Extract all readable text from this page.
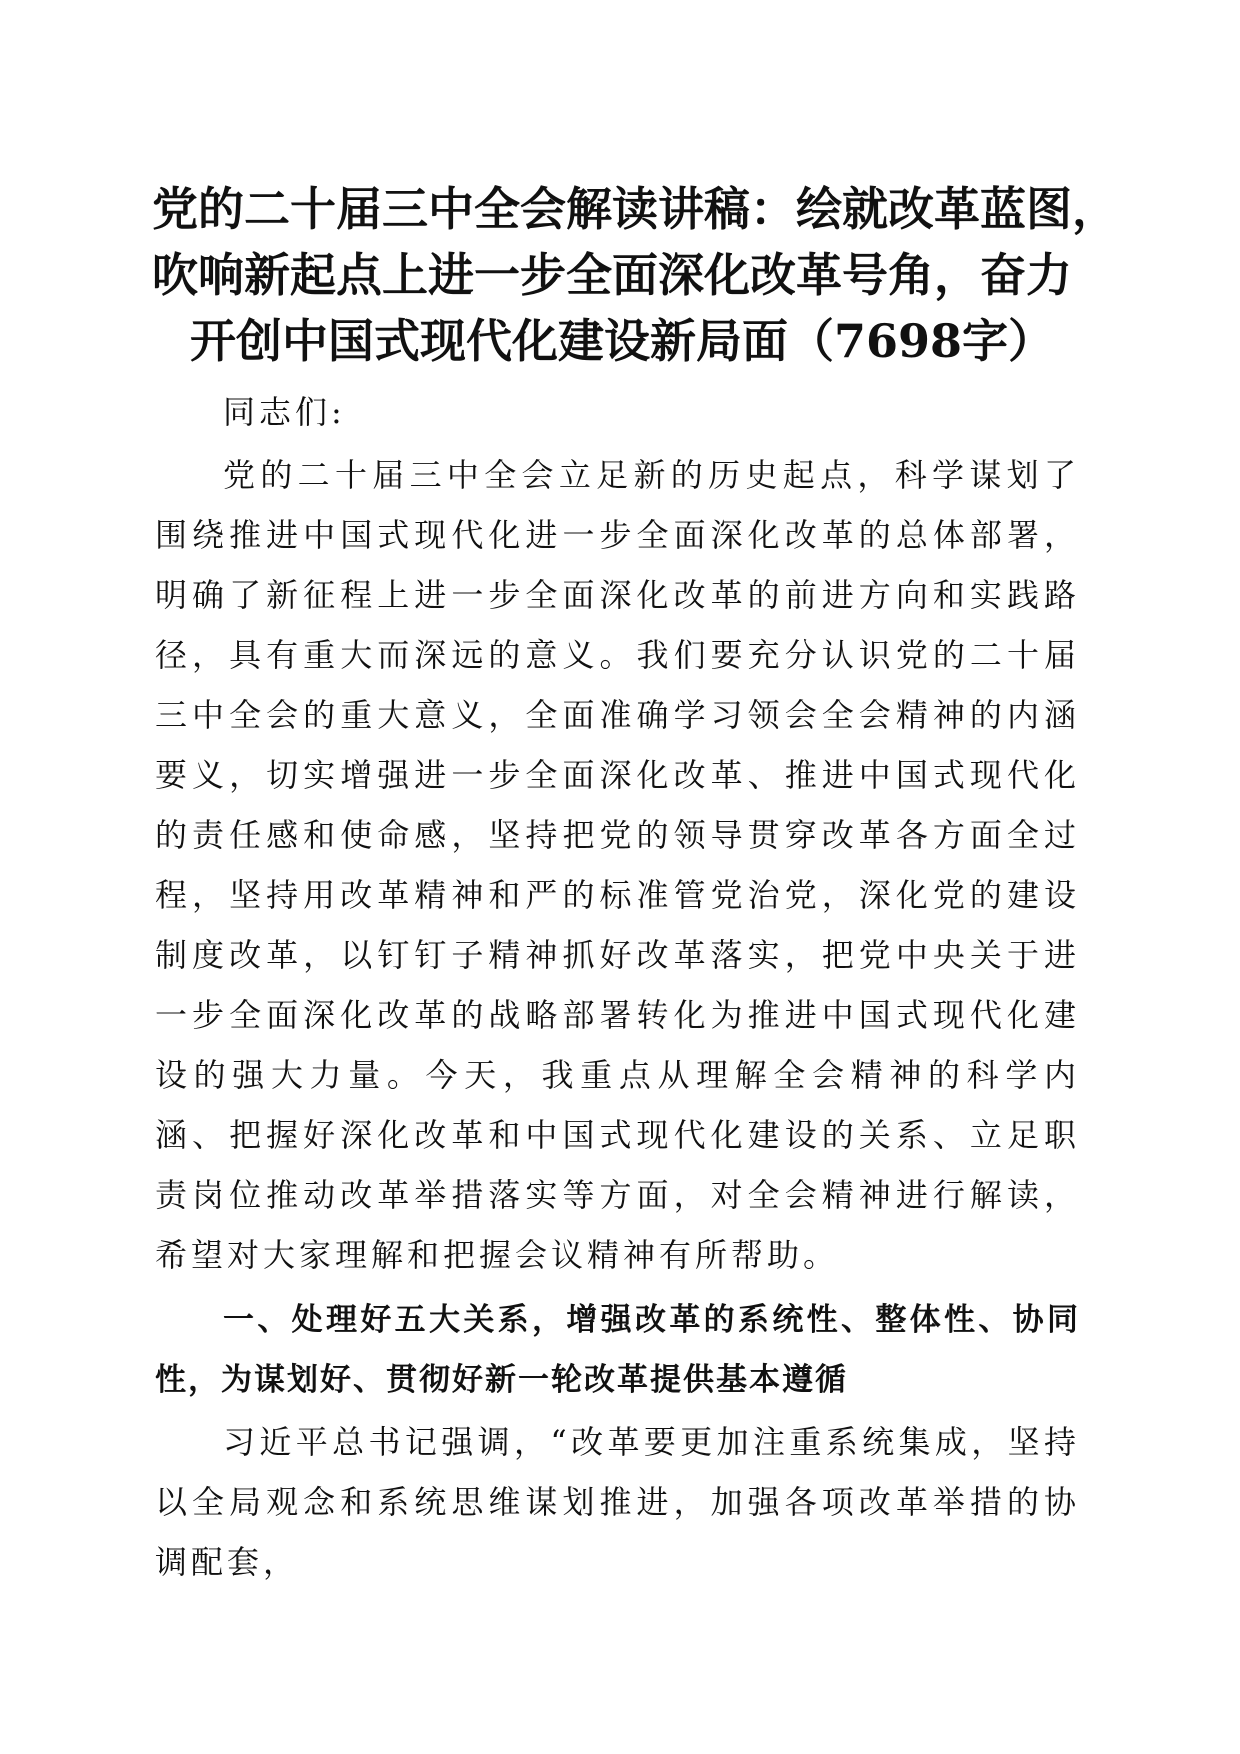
党的二十届三中全会解读讲稿：绘就改革蓝图，
吹响新起点上进一步全面深化改革号角，奋力
开创中国式现代化建设新局面（7698字）

同志们:

党的二十届三中全会立足新的历史起点，科学谋划了围绕推进中国式现代化进一步全面深化改革的总体部署，明确了新征程上进一步全面深化改革的前进方向和实践路径，具有重大而深远的意义。我们要充分认识党的二十届三中全会的重大意义，全面准确学习领会全会精神的内涵要义，切实增强进一步全面深化改革、推进中国式现代化的责任感和使命感，坚持把党的领导贯穿改革各方面全过程，坚持用改革精神和严的标准管党治党，深化党的建设制度改革，以钉钉子精神抓好改革落实，把党中央关于进一步全面深化改革的战略部署转化为推进中国式现代化建设的强大力量。今天，我重点从理解全会精神的科学内涵、把握好深化改革和中国式现代化建设的关系、立足职责岗位推动改革举措落实等方面，对全会精神进行解读，希望对大家理解和把握会议精神有所帮助。

一、处理好五大关系，增强改革的系统性、整体性、协同性，为谋划好、贯彻好新一轮改革提供基本遵循

习近平总书记强调，“改革要更加注重系统集成，坚持以全局观念和系统思维谋划推进，加强各项改革举措的协调配套，
